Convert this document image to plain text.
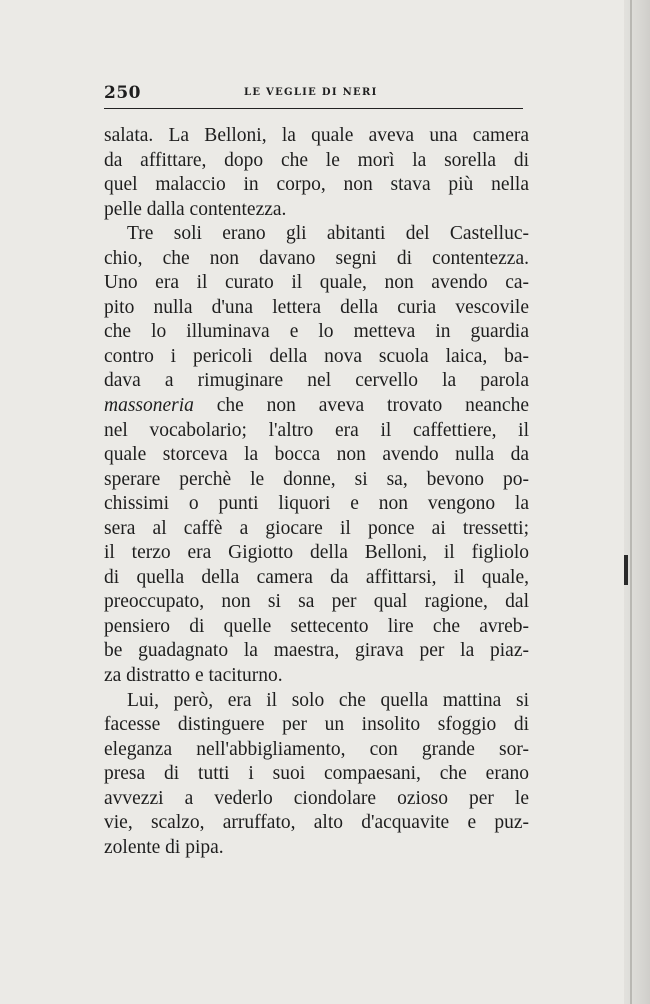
250	LE VEGLIE DI NERI
salata. La Belloni, la quale aveva una camera
da affittare, dopo che le morì la sorella di
quel malaccio in corpo, non stava più nella
pelle dalla contentezza.
Tre soli erano gli abitanti del Castelluc-
chio, che non davano segni di contentezza.
Uno era il curato il quale, non avendo ca-
pito nulla d'una lettera della curia vescovile
che lo illuminava e lo metteva in guardia
contro i pericoli della nova scuola laica, ba-
dava a rimuginare nel cervello la parola
massoneria che non aveva trovato neanche
nel vocabolario; l'altro era il caffettiere, il
quale storceva la bocca non avendo nulla da
sperare perchè le donne, si sa, bevono po-
chissimi o punti liquori e non vengono la
sera al caffè a giocare il ponce ai tressetti;
il terzo era Gigiotto della Belloni, il figliolo
di quella della camera da affittarsi, il quale,
preoccupato, non si sa per qual ragione, dal
pensiero di quelle settecento lire che avreb-
be guadagnato la maestra, girava per la piaz-
za distratto e taciturno.
Lui, però, era il solo che quella mattina si
facesse distinguere per un insolito sfoggio di
eleganza nell'abbigliamento, con grande sor-
presa di tutti i suoi compaesani, che erano
avvezzi a vederlo ciondolare ozioso per le
vie, scalzo, arruffato, alto d'acquavite e puz-
zolente di pipa.
